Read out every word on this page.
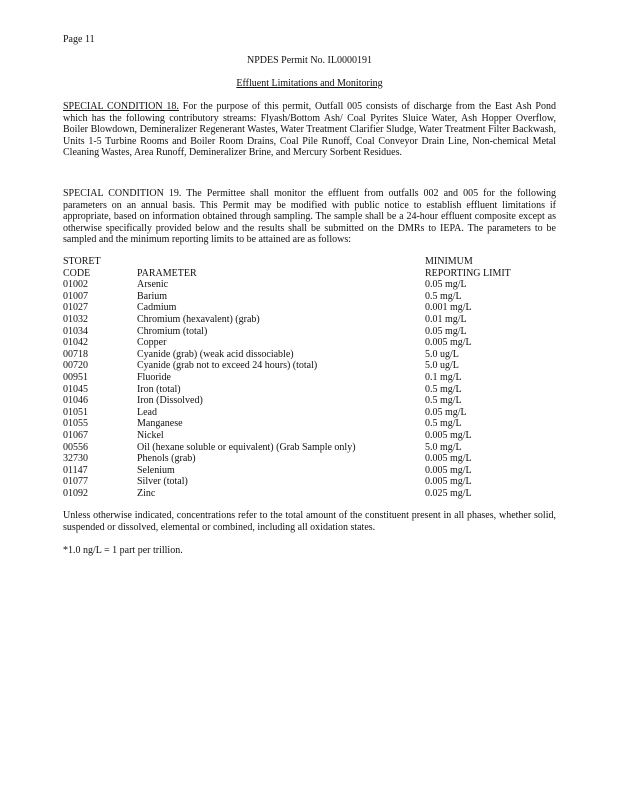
Page 11
NPDES Permit No. IL0000191
Effluent Limitations and Monitoring
SPECIAL CONDITION 18. For the purpose of this permit, Outfall 005 consists of discharge from the East Ash Pond which has the following contributory streams: Flyash/Bottom Ash/ Coal Pyrites Sluice Water, Ash Hopper Overflow, Boiler Blowdown, Demineralizer Regenerant Wastes, Water Treatment Clarifier Sludge, Water Treatment Filter Backwash, Units 1-5 Turbine Rooms and Boiler Room Drains, Coal Pile Runoff, Coal Conveyor Drain Line, Non-chemical Metal Cleaning Wastes, Area Runoff, Demineralizer Brine, and Mercury Sorbent Residues.
SPECIAL CONDITION 19. The Permittee shall monitor the effluent from outfalls 002 and 005 for the following parameters on an annual basis. This Permit may be modified with public notice to establish effluent limitations if appropriate, based on information obtained through sampling. The sample shall be a 24-hour effluent composite except as otherwise specifically provided below and the results shall be submitted on the DMRs to IEPA. The parameters to be sampled and the minimum reporting limits to be attained are as follows:
STORET	MINIMUM
CODE	PARAMETER	REPORTING LIMIT
01002	Arsenic	0.05 mg/L
01007	Barium	0.5 mg/L
01027	Cadmium	0.001 mg/L
01032	Chromium (hexavalent) (grab)	0.01 mg/L
01034	Chromium (total)	0.05 mg/L
01042	Copper	0.005 mg/L
00718	Cyanide (grab) (weak acid dissociable)	5.0 ug/L
00720	Cyanide (grab not to exceed 24 hours) (total)	5.0 ug/L
00951	Fluoride	0.1 mg/L
01045	Iron (total)	0.5 mg/L
01046	Iron (Dissolved)	0.5 mg/L
01051	Lead	0.05 mg/L
01055	Manganese	0.5 mg/L
01067	Nickel	0.005 mg/L
00556	Oil (hexane soluble or equivalent) (Grab Sample only)	5.0 mg/L
32730	Phenols (grab)	0.005 mg/L
01147	Selenium	0.005 mg/L
01077	Silver (total)	0.005 mg/L
01092	Zinc	0.025 mg/L
Unless otherwise indicated, concentrations refer to the total amount of the constituent present in all phases, whether solid, suspended or dissolved, elemental or combined, including all oxidation states.
*1.0 ng/L = 1 part per trillion.
